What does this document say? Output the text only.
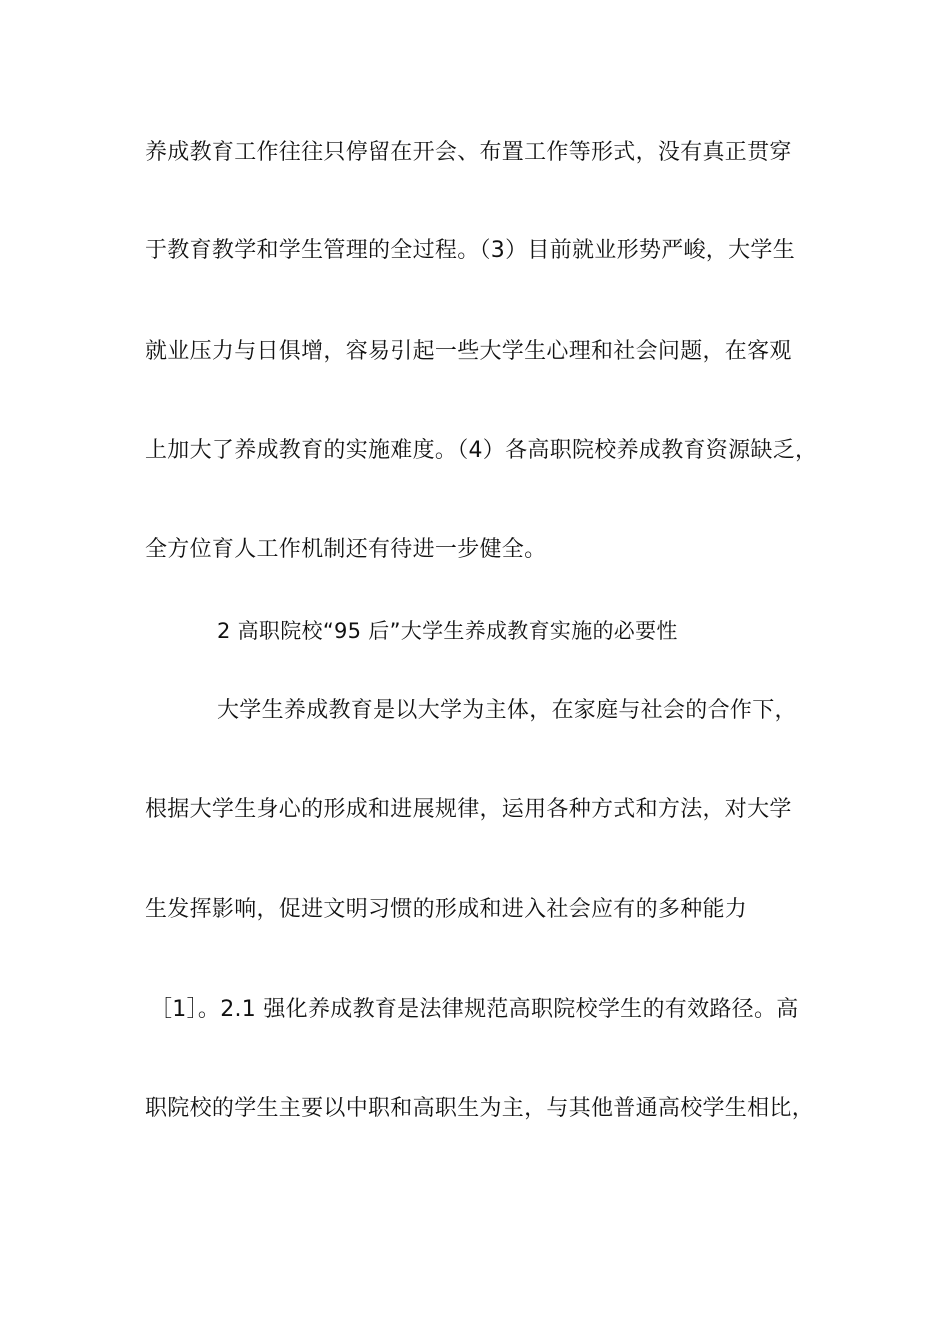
养成教育工作往往只停留在开会、布置工作等形式，没有真正贯穿
于教育教学和学生管理的全过程。（3）目前就业形势严峻，大学生
就业压力与日俱增，容易引起一些大学生心理和社会问题，在客观
上加大了养成教育的实施难度。（4）各高职院校养成教育资源缺乏，
全方位育人工作机制还有待进一步健全。
2 高职院校“95 后”大学生养成教育实施的必要性
大学生养成教育是以大学为主体，在家庭与社会的合作下，
根据大学生身心的形成和进展规律，运用各种方式和方法，对大学
生发挥影响，促进文明习惯的形成和进入社会应有的多种能力
［1］。2.1 强化养成教育是法律规范高职院校学生的有效路径。高
职院校的学生主要以中职和高职生为主，与其他普通高校学生相比，
